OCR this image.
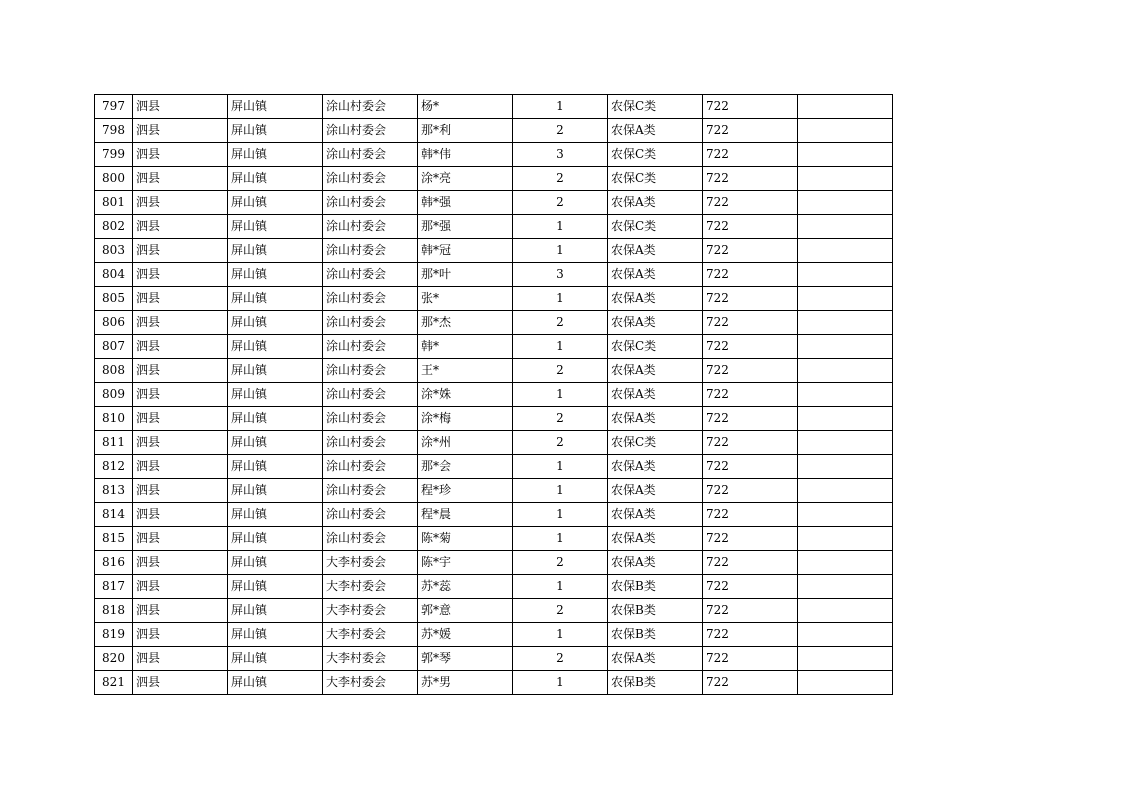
797	泗县	屏山镇	涂山村委会	杨*	1	农保C类	722	
798	泗县	屏山镇	涂山村委会	那*利	2	农保A类	722	
799	泗县	屏山镇	涂山村委会	韩*伟	3	农保C类	722	
800	泗县	屏山镇	涂山村委会	涂*亮	2	农保C类	722	
801	泗县	屏山镇	涂山村委会	韩*强	2	农保A类	722	
802	泗县	屏山镇	涂山村委会	那*强	1	农保C类	722	
803	泗县	屏山镇	涂山村委会	韩*冠	1	农保A类	722	
804	泗县	屏山镇	涂山村委会	那*叶	3	农保A类	722	
805	泗县	屏山镇	涂山村委会	张*	1	农保A类	722	
806	泗县	屏山镇	涂山村委会	那*杰	2	农保A类	722	
807	泗县	屏山镇	涂山村委会	韩*	1	农保C类	722	
808	泗县	屏山镇	涂山村委会	王*	2	农保A类	722	
809	泗县	屏山镇	涂山村委会	涂*姝	1	农保A类	722	
810	泗县	屏山镇	涂山村委会	涂*梅	2	农保A类	722	
811	泗县	屏山镇	涂山村委会	涂*州	2	农保C类	722	
812	泗县	屏山镇	涂山村委会	那*会	1	农保A类	722	
813	泗县	屏山镇	涂山村委会	程*珍	1	农保A类	722	
814	泗县	屏山镇	涂山村委会	程*晨	1	农保A类	722	
815	泗县	屏山镇	涂山村委会	陈*菊	1	农保A类	722	
816	泗县	屏山镇	大李村委会	陈*宇	2	农保A类	722	
817	泗县	屏山镇	大李村委会	苏*蕊	1	农保B类	722	
818	泗县	屏山镇	大李村委会	郭*意	2	农保B类	722	
819	泗县	屏山镇	大李村委会	苏*媛	1	农保B类	722	
820	泗县	屏山镇	大李村委会	郭*琴	2	农保A类	722	
821	泗县	屏山镇	大李村委会	苏*男	1	农保B类	722	
